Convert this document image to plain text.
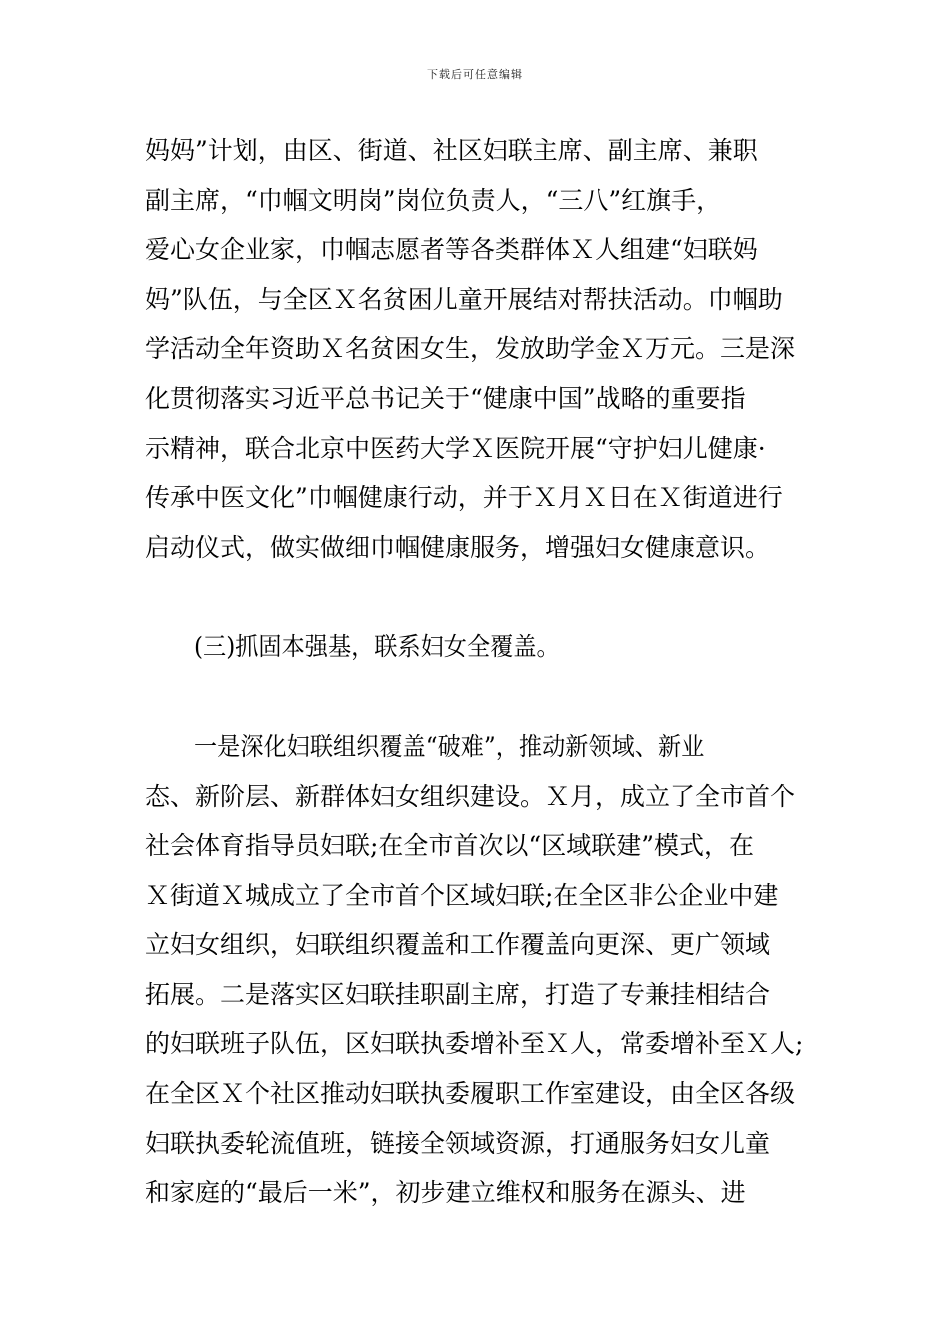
下载后可任意编辑
妈妈”计划，由区、街道、社区妇联主席、副主席、兼职
副主席，“巾帼文明岗”岗位负责人，“三八”红旗手，
爱心女企业家，巾帼志愿者等各类群体Ｘ人组建“妇联妈
妈”队伍，与全区Ｘ名贫困儿童开展结对帮扶活动。巾帼助
学活动全年资助Ｘ名贫困女生，发放助学金Ｘ万元。三是深
化贯彻落实习近平总书记关于“健康中国”战略的重要指
示精神，联合北京中医药大学Ｘ医院开展“守护妇儿健康·
传承中医文化”巾帼健康行动，并于Ｘ月Ｘ日在Ｘ街道进行
启动仪式，做实做细巾帼健康服务，增强妇女健康意识。
(三)抓固本强基，联系妇女全覆盖。
一是深化妇联组织覆盖“破难”，推动新领域、新业
态、新阶层、新群体妇女组织建设。Ｘ月，成立了全市首个
社会体育指导员妇联;在全市首次以“区域联建”模式，在
Ｘ街道Ｘ城成立了全市首个区域妇联;在全区非公企业中建
立妇女组织，妇联组织覆盖和工作覆盖向更深、更广领域
拓展。二是落实区妇联挂职副主席，打造了专兼挂相结合
的妇联班子队伍，区妇联执委增补至Ｘ人，常委增补至Ｘ人;
在全区Ｘ个社区推动妇联执委履职工作室建设，由全区各级
妇联执委轮流值班，链接全领域资源，打通服务妇女儿童
和家庭的“最后一米”，初步建立维权和服务在源头、进
